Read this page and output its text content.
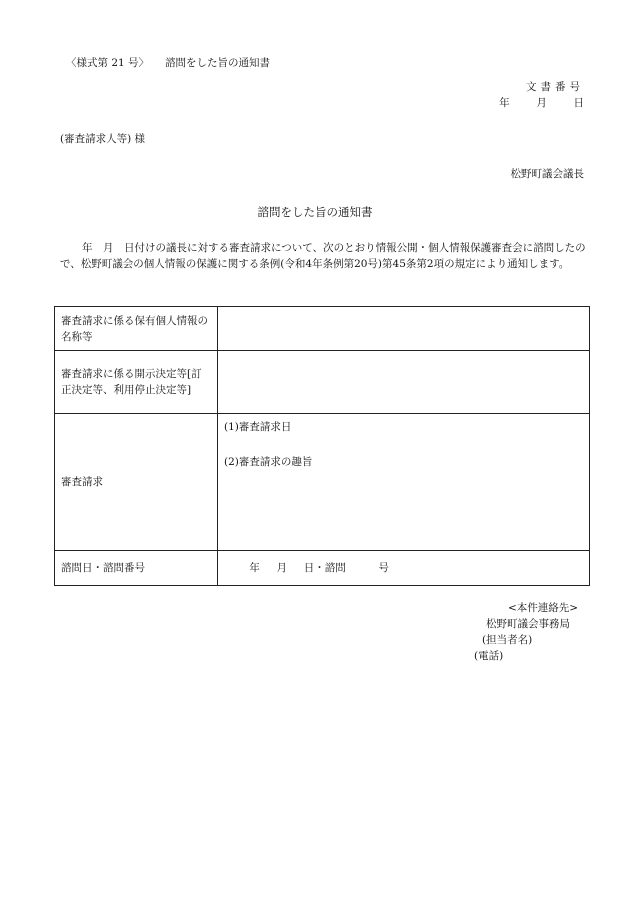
〈様式第 21 号〉 諮問をした旨の通知書
文書番号
年	月	日
(審査請求人等) 様
松野町議会議長
諮問をした旨の通知書
年　月　日付けの議長に対する審査請求について、次のとおり情報公開・個人情報保護審査会に諮問したので、松野町議会の個人情報の保護に関する条例(令和4年条例第20号)第45条第2項の規定により通知します。
審査請求に係る保有個人情報の名称等	
審査請求に係る開示決定等[訂正決定等、利用停止決定等]	
審査請求	(1)審査請求日
(2)審査請求の趣旨

諮問日・諮問番号	年 月 日・諮問 号
<本件連絡先>
松野町議会事務局
(担当者名)
(電話)
